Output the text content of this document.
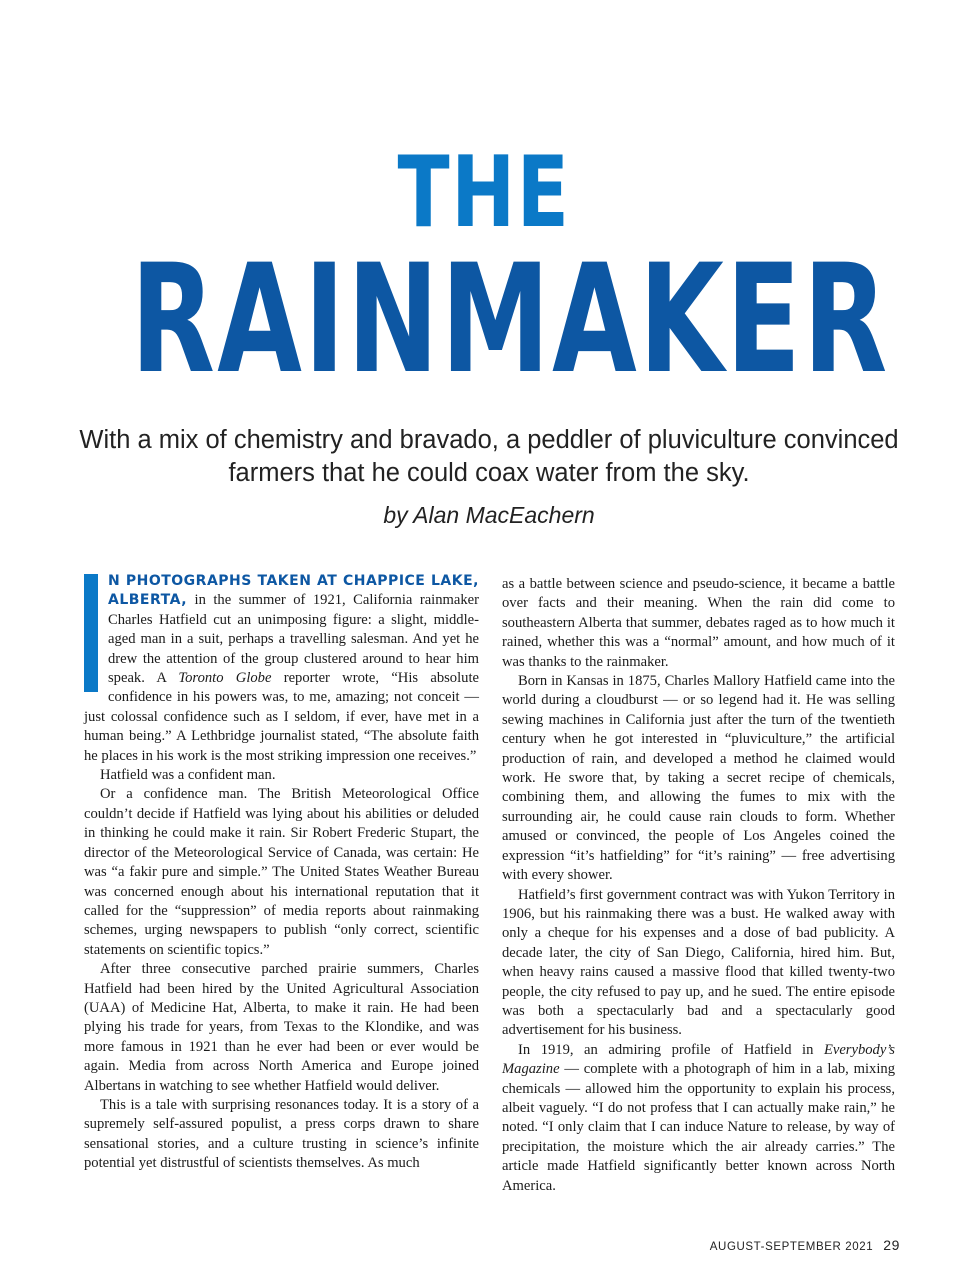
THE
RAINMAKER
With a mix of chemistry and bravado, a peddler of pluviculture convinced farmers that he could coax water from the sky.
by Alan MacEachern

N PHOTOGRAPHS TAKEN AT CHAPPICE LAKE, ALBERTA, in the summer of 1921, California rainmaker Charles Hatfield cut an unimposing figure: a slight, middle-aged man in a suit, perhaps a travelling salesman. And yet he drew the attention of the group clustered around to hear him speak. A Toronto Globe reporter wrote, “His absolute confidence in his powers was, to me, amazing; not conceit — just colossal confidence such as I seldom, if ever, have met in a human being.” A Lethbridge journalist stated, “The absolute faith he places in his work is the most striking impression one receives.”

Hatfield was a confident man.

Or a confidence man. The British Meteorological Office couldn’t decide if Hatfield was lying about his abilities or deluded in thinking he could make it rain. Sir Robert Frederic Stupart, the director of the Meteorological Service of Canada, was certain: He was “a fakir pure and simple.” The United States Weather Bureau was concerned enough about his international reputation that it called for the “suppression” of media reports about rainmaking schemes, urging newspapers to publish “only correct, scientific statements on scientific topics.”

After three consecutive parched prairie summers, Charles Hatfield had been hired by the United Agricultural Association (UAA) of Medicine Hat, Alberta, to make it rain. He had been plying his trade for years, from Texas to the Klondike, and was more famous in 1921 than he ever had been or ever would be again. Media from across North America and Europe joined Albertans in watching to see whether Hatfield would deliver.

This is a tale with surprising resonances today. It is a story of a supremely self-assured populist, a press corps drawn to share sensational stories, and a culture trusting in science’s infinite potential yet distrustful of scientists themselves. As much

as a battle between science and pseudo-science, it became a battle over facts and their meaning. When the rain did come to southeastern Alberta that summer, debates raged as to how much it rained, whether this was a “normal” amount, and how much of it was thanks to the rainmaker.

Born in Kansas in 1875, Charles Mallory Hatfield came into the world during a cloudburst — or so legend had it. He was selling sewing machines in California just after the turn of the twentieth century when he got interested in “pluviculture,” the artificial production of rain, and developed a method he claimed would work. He swore that, by taking a secret recipe of chemicals, combining them, and allowing the fumes to mix with the surrounding air, he could cause rain clouds to form. Whether amused or convinced, the people of Los Angeles coined the expression “it’s hatfielding” for “it’s raining” — free advertising with every shower.

Hatfield’s first government contract was with Yukon Territory in 1906, but his rainmaking there was a bust. He walked away with only a cheque for his expenses and a dose of bad publicity. A decade later, the city of San Diego, California, hired him. But, when heavy rains caused a massive flood that killed twenty-two people, the city refused to pay up, and he sued. The entire episode was both a spectacularly bad and a spectacularly good advertisement for his business.

In 1919, an admiring profile of Hatfield in Everybody’s Magazine — complete with a photograph of him in a lab, mixing chemicals — allowed him the opportunity to explain his process, albeit vaguely. “I do not profess that I can actually make rain,” he noted. “I only claim that I can induce Nature to release, by way of precipitation, the moisture which the air already carries.” The article made Hatfield significantly better known across North America.

AUGUST-SEPTEMBER 2021 29
